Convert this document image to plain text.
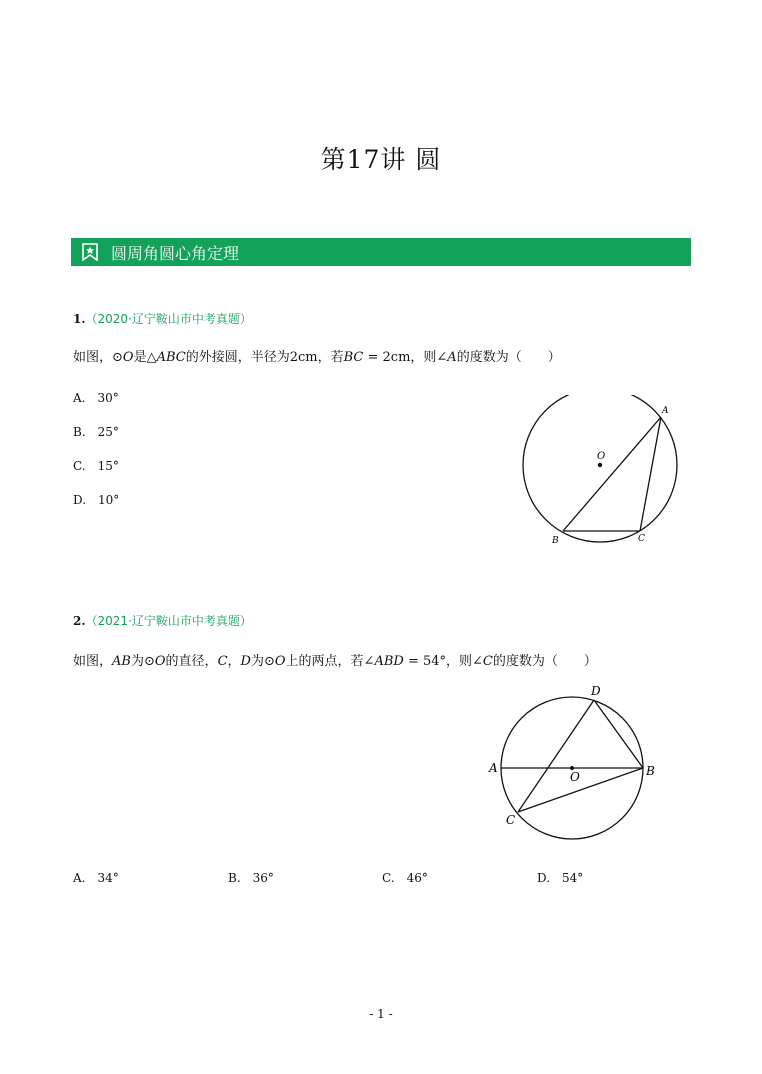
第17讲 圆
圆周角圆心角定理
1.（2020·辽宁鞍山市中考真题）
如图，⊙O是△ABC的外接圆，半径为2cm，若BC = 2cm，则∠A的度数为（　　）
A.　30°
B.　25°
C.　15°
D.　10°
O
A
B	C
2.（2021·辽宁鞍山市中考真题）
如图，AB为⊙O的直径，C，D为⊙O上的两点，若∠ABD = 54°，则∠C的度数为（　　）
O
A	B
C
D
A.　34°	B.　36°	C.　46°	D.　54°
- 1 -
